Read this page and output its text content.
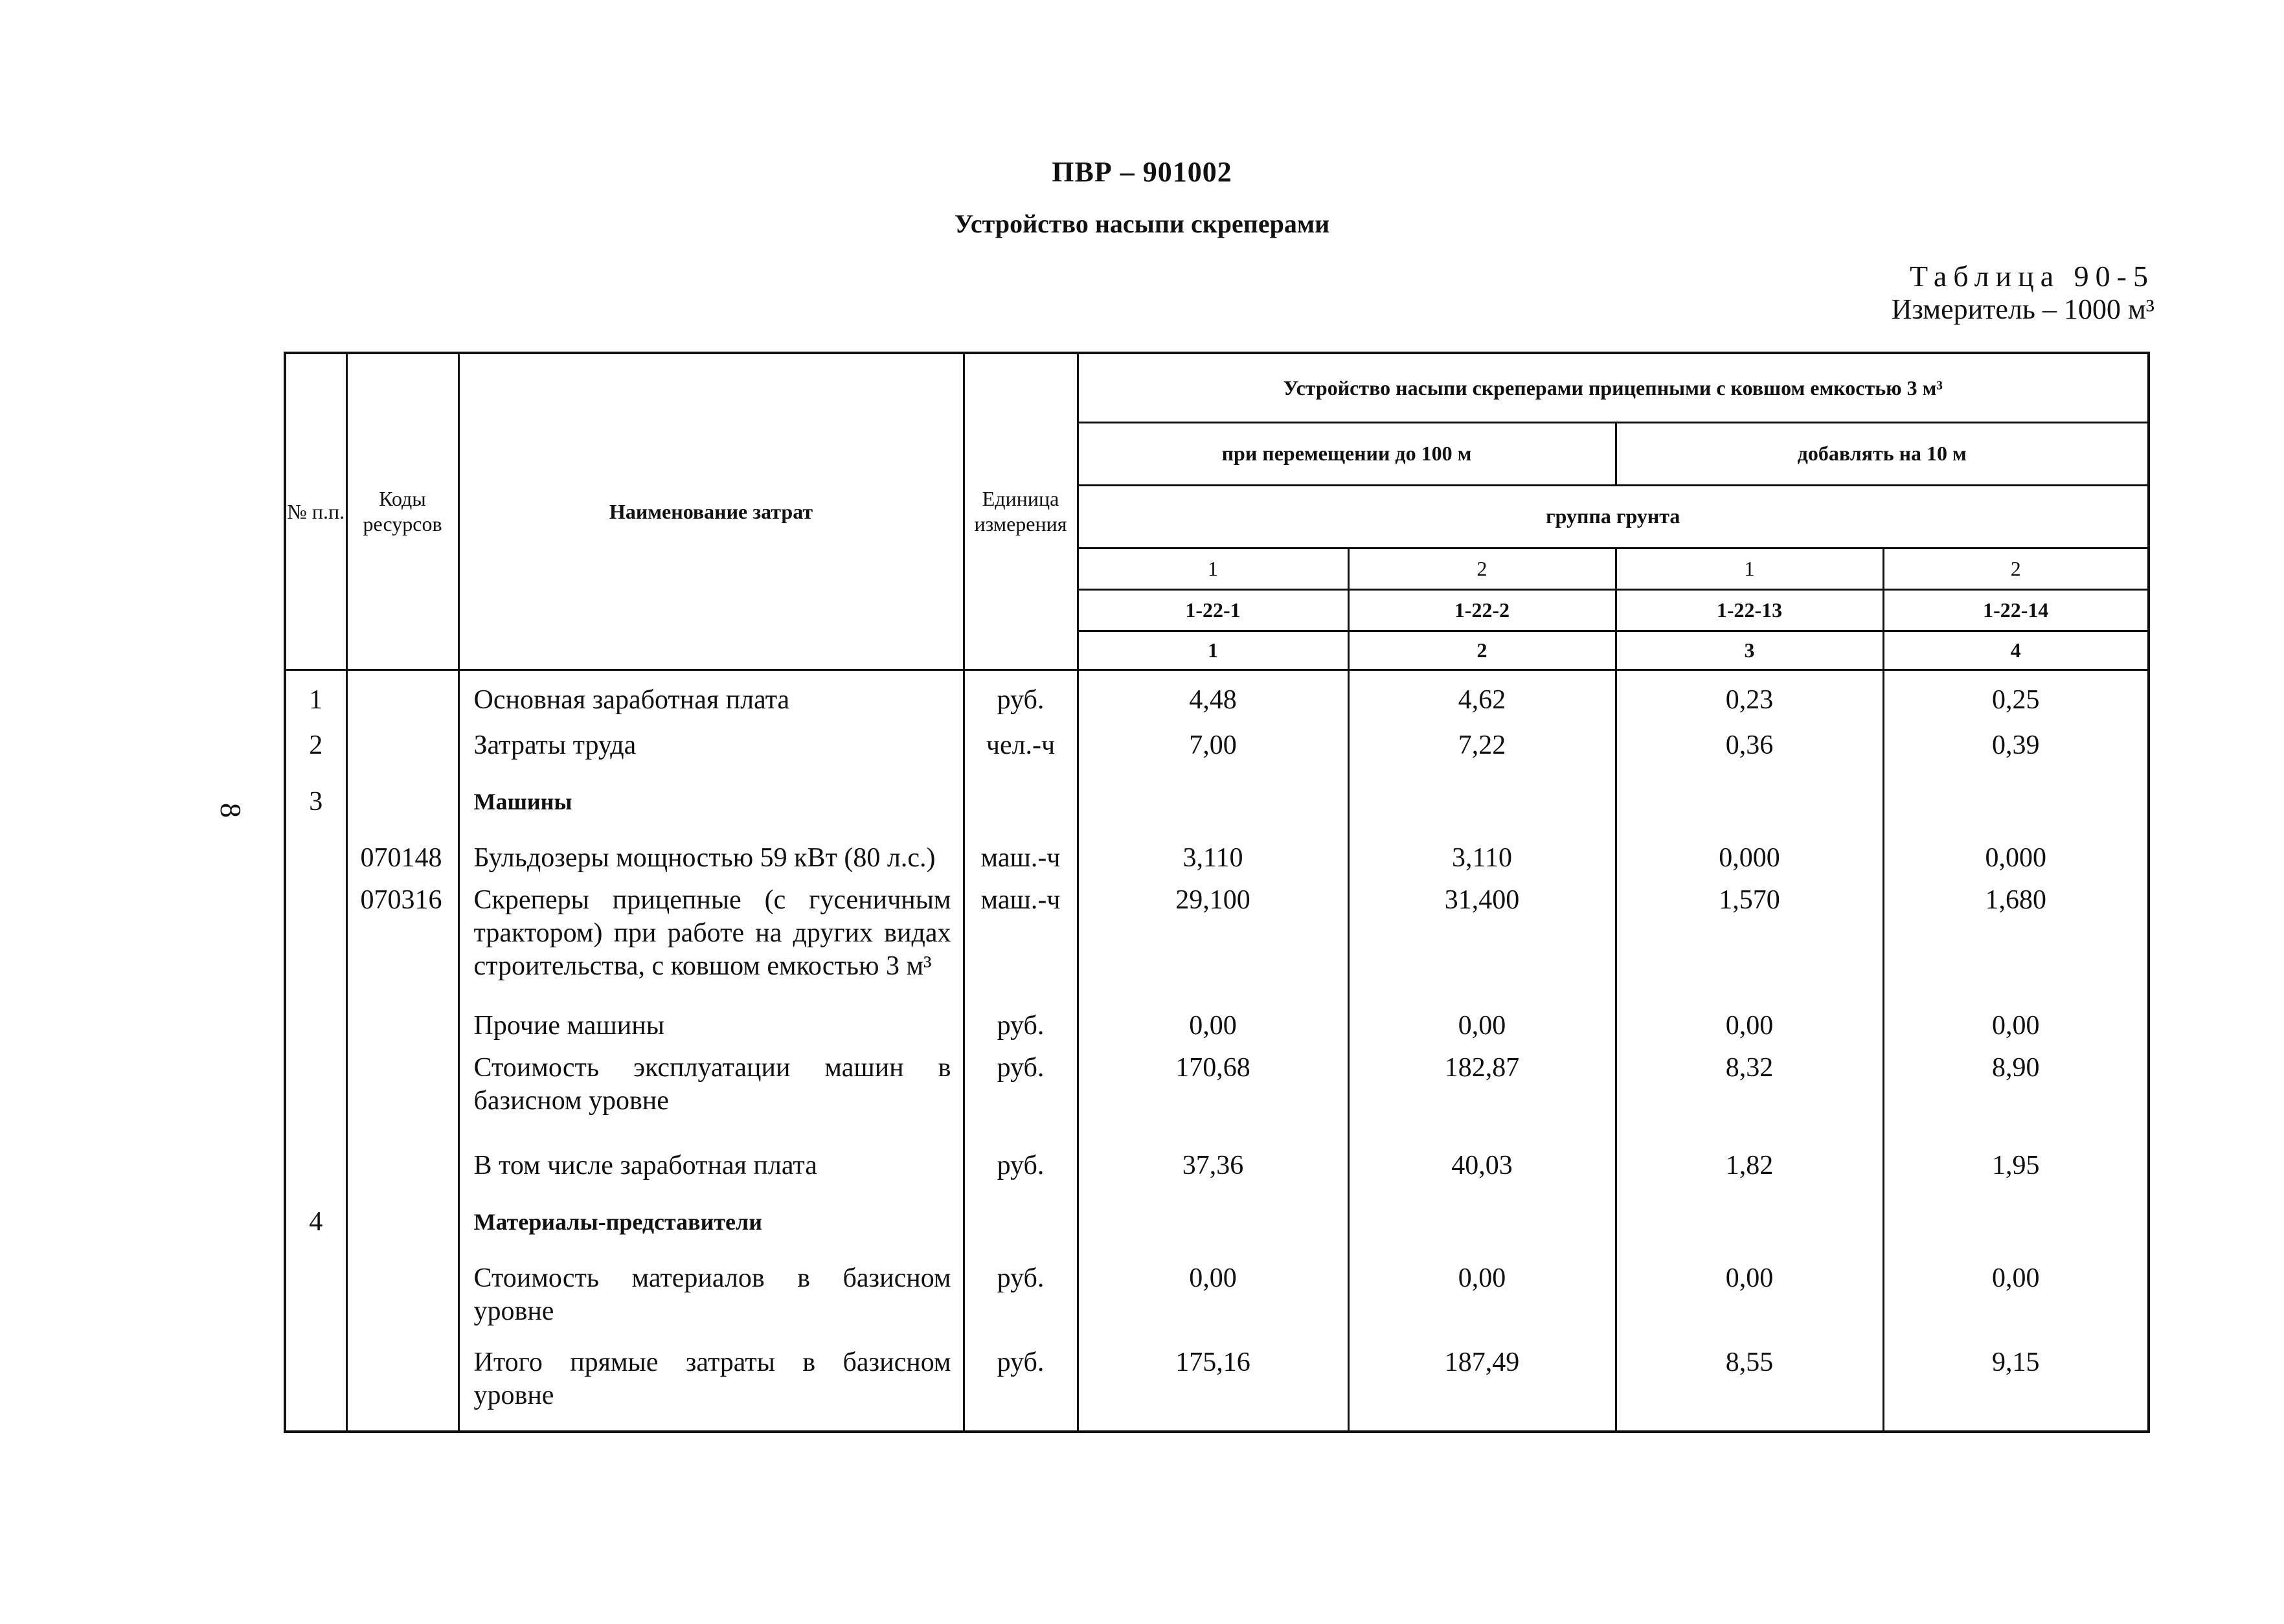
ПВР – 901002
Устройство насыпи скреперами
Таблица 90-5
Измеритель – 1000 м³
8
№ п.п.	Коды ресурсов	Наименование затрат	Единица измерения	Устройство насыпи скреперами прицепными с ковшом емкостью 3 м³			
				при перемещении до 100 м		добавлять на 10 м	
				группа грунта			
				1	2	1	2
				1-22-1	1-22-2	1-22-13	1-22-14
				1	2	3	4
1		Основная заработная плата	руб.	4,48	4,62	0,23	0,25
2		Затраты труда	чел.-ч	7,00	7,22	0,36	0,39

3		Машины					

	070148	Бульдозеры мощностью 59 кВт (80 л.с.)	маш.-ч	3,110	3,110	0,000	0,000
	070316	Скреперы прицепные (с гусеничным трактором) при работе на других видах строительства, с ковшом емкостью 3 м³	маш.-ч	29,100	31,400	1,570	1,680
		Прочие машины	руб.	0,00	0,00	0,00	0,00
		Стоимость эксплуатации машин в базисном уровне	руб.	170,68	182,87	8,32	8,90

		В том числе заработная плата	руб.	37,36	40,03	1,82	1,95

4		Материалы-представители					

		Стоимость материалов в базисном уровне	руб.	0,00	0,00	0,00	0,00
		Итого прямые затраты в базисном уровне	руб.	175,16	187,49	8,55	9,15
